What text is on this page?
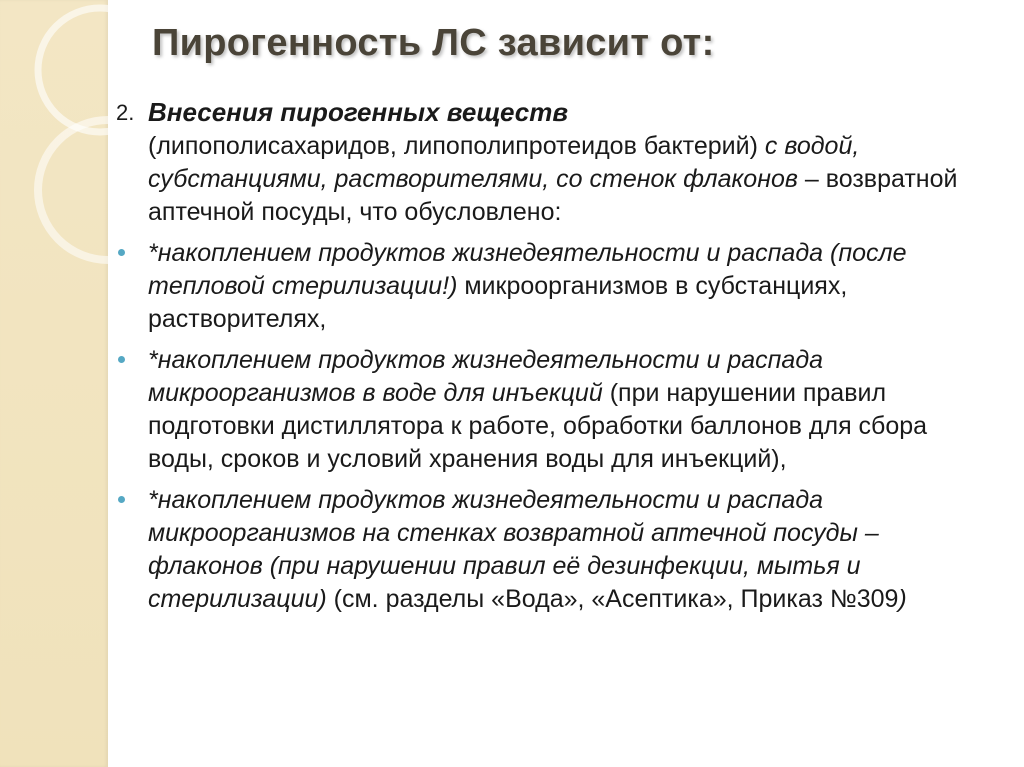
Пирогенность ЛС зависит от:
2. Внесения пирогенных веществ
(липополисахаридов, липополипротеидов бактерий) с водой, субстанциями, растворителями, со стенок флаконов – возвратной аптечной посуды, что обусловлено:
*накоплением продуктов жизнедеятельности и распада (после тепловой стерилизации!) микроорганизмов в субстанциях, растворителях,
*накоплением продуктов жизнедеятельности и распада микроорганизмов в воде для инъекций (при нарушении правил подготовки дистиллятора к работе, обработки баллонов для сбора воды, сроков и условий хранения воды для инъекций),
*накоплением продуктов жизнедеятельности и распада микроорганизмов на стенках возвратной аптечной посуды – флаконов (при нарушении правил её дезинфекции, мытья и стерилизации) (см. разделы «Вода», «Асептика», Приказ №309)
